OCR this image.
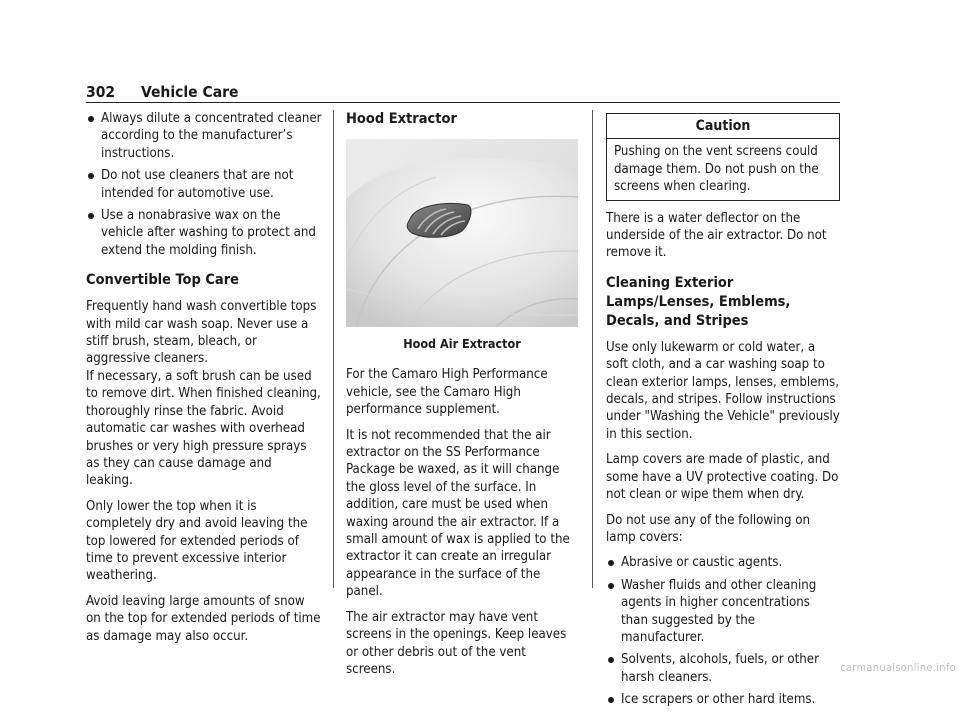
302 Vehicle Care
Always dilute a concentrated cleaner according to the manufacturer’s instructions.
Do not use cleaners that are not intended for automotive use.
Use a nonabrasive wax on the vehicle after washing to protect and extend the molding finish.
Convertible Top Care

Frequently hand wash convertible tops with mild car wash soap. Never use a stiff brush, steam, bleach, or aggressive cleaners.

If necessary, a soft brush can be used to remove dirt. When finished cleaning, thoroughly rinse the fabric. Avoid automatic car washes with overhead brushes or very high pressure sprays as they can cause damage and leaking.

Only lower the top when it is completely dry and avoid leaving the top lowered for extended periods of time to prevent excessive interior weathering.

Avoid leaving large amounts of snow on the top for extended periods of time as damage may also occur.

Hood Extractor
Hood Air Extractor

For the Camaro High Performance vehicle, see the Camaro High performance supplement.

It is not recommended that the air extractor on the SS Performance Package be waxed, as it will change the gloss level of the surface. In addition, care must be used when waxing around the air extractor. If a small amount of wax is applied to the extractor it can create an irregular appearance in the surface of the panel.

The air extractor may have vent screens in the openings. Keep leaves or other debris out of the vent screens.

Caution
Pushing on the vent screens could damage them. Do not push on the screens when clearing.

There is a water deflector on the underside of the air extractor. Do not remove it.

Cleaning Exterior Lamps/Lenses, Emblems, Decals, and Stripes

Use only lukewarm or cold water, a soft cloth, and a car washing soap to clean exterior lamps, lenses, emblems, decals, and stripes. Follow instructions under "Washing the Vehicle" previously in this section.

Lamp covers are made of plastic, and some have a UV protective coating. Do not clean or wipe them when dry.

Do not use any of the following on lamp covers:

Abrasive or caustic agents.
Washer fluids and other cleaning agents in higher concentrations than suggested by the manufacturer.
Solvents, alcohols, fuels, or other harsh cleaners.
Ice scrapers or other hard items.
carmanualsonline.info
